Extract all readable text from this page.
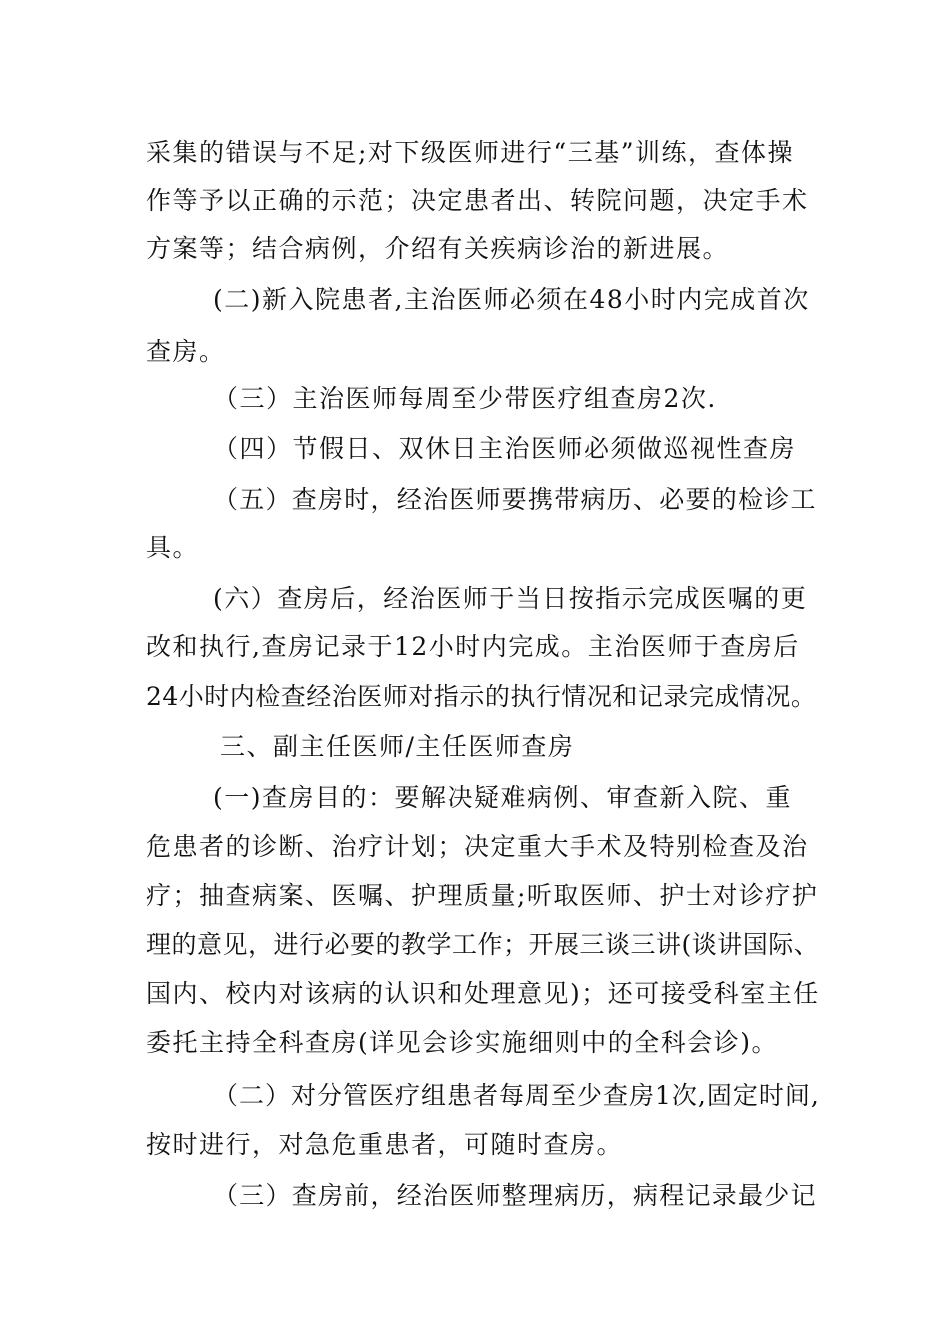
采集的错误与不足;对下级医师进行“三基”训练，查体操
作等予以正确的示范；决定患者出、转院问题，决定手术
方案等；结合病例，介绍有关疾病诊治的新进展。
(二)新入院患者,主治医师必须在48小时内完成首次
查房。
（三）主治医师每周至少带医疗组查房2次.
（四）节假日、双休日主治医师必须做巡视性查房
（五）查房时，经治医师要携带病历、必要的检诊工
具。
(六）查房后，经治医师于当日按指示完成医嘱的更
改和执行,查房记录于12小时内完成。主治医师于查房后
24小时内检查经治医师对指示的执行情况和记录完成情况。
三、副主任医师/主任医师查房
(一)查房目的：要解决疑难病例、审查新入院、重
危患者的诊断、治疗计划；决定重大手术及特别检查及治
疗；抽查病案、医嘱、护理质量;听取医师、护士对诊疗护
理的意见，进行必要的教学工作；开展三谈三讲(谈讲国际、
国内、校内对该病的认识和处理意见)；还可接受科室主任
委托主持全科查房(详见会诊实施细则中的全科会诊)。
（二）对分管医疗组患者每周至少查房1次,固定时间,
按时进行，对急危重患者，可随时查房。
（三）查房前，经治医师整理病历，病程记录最少记
